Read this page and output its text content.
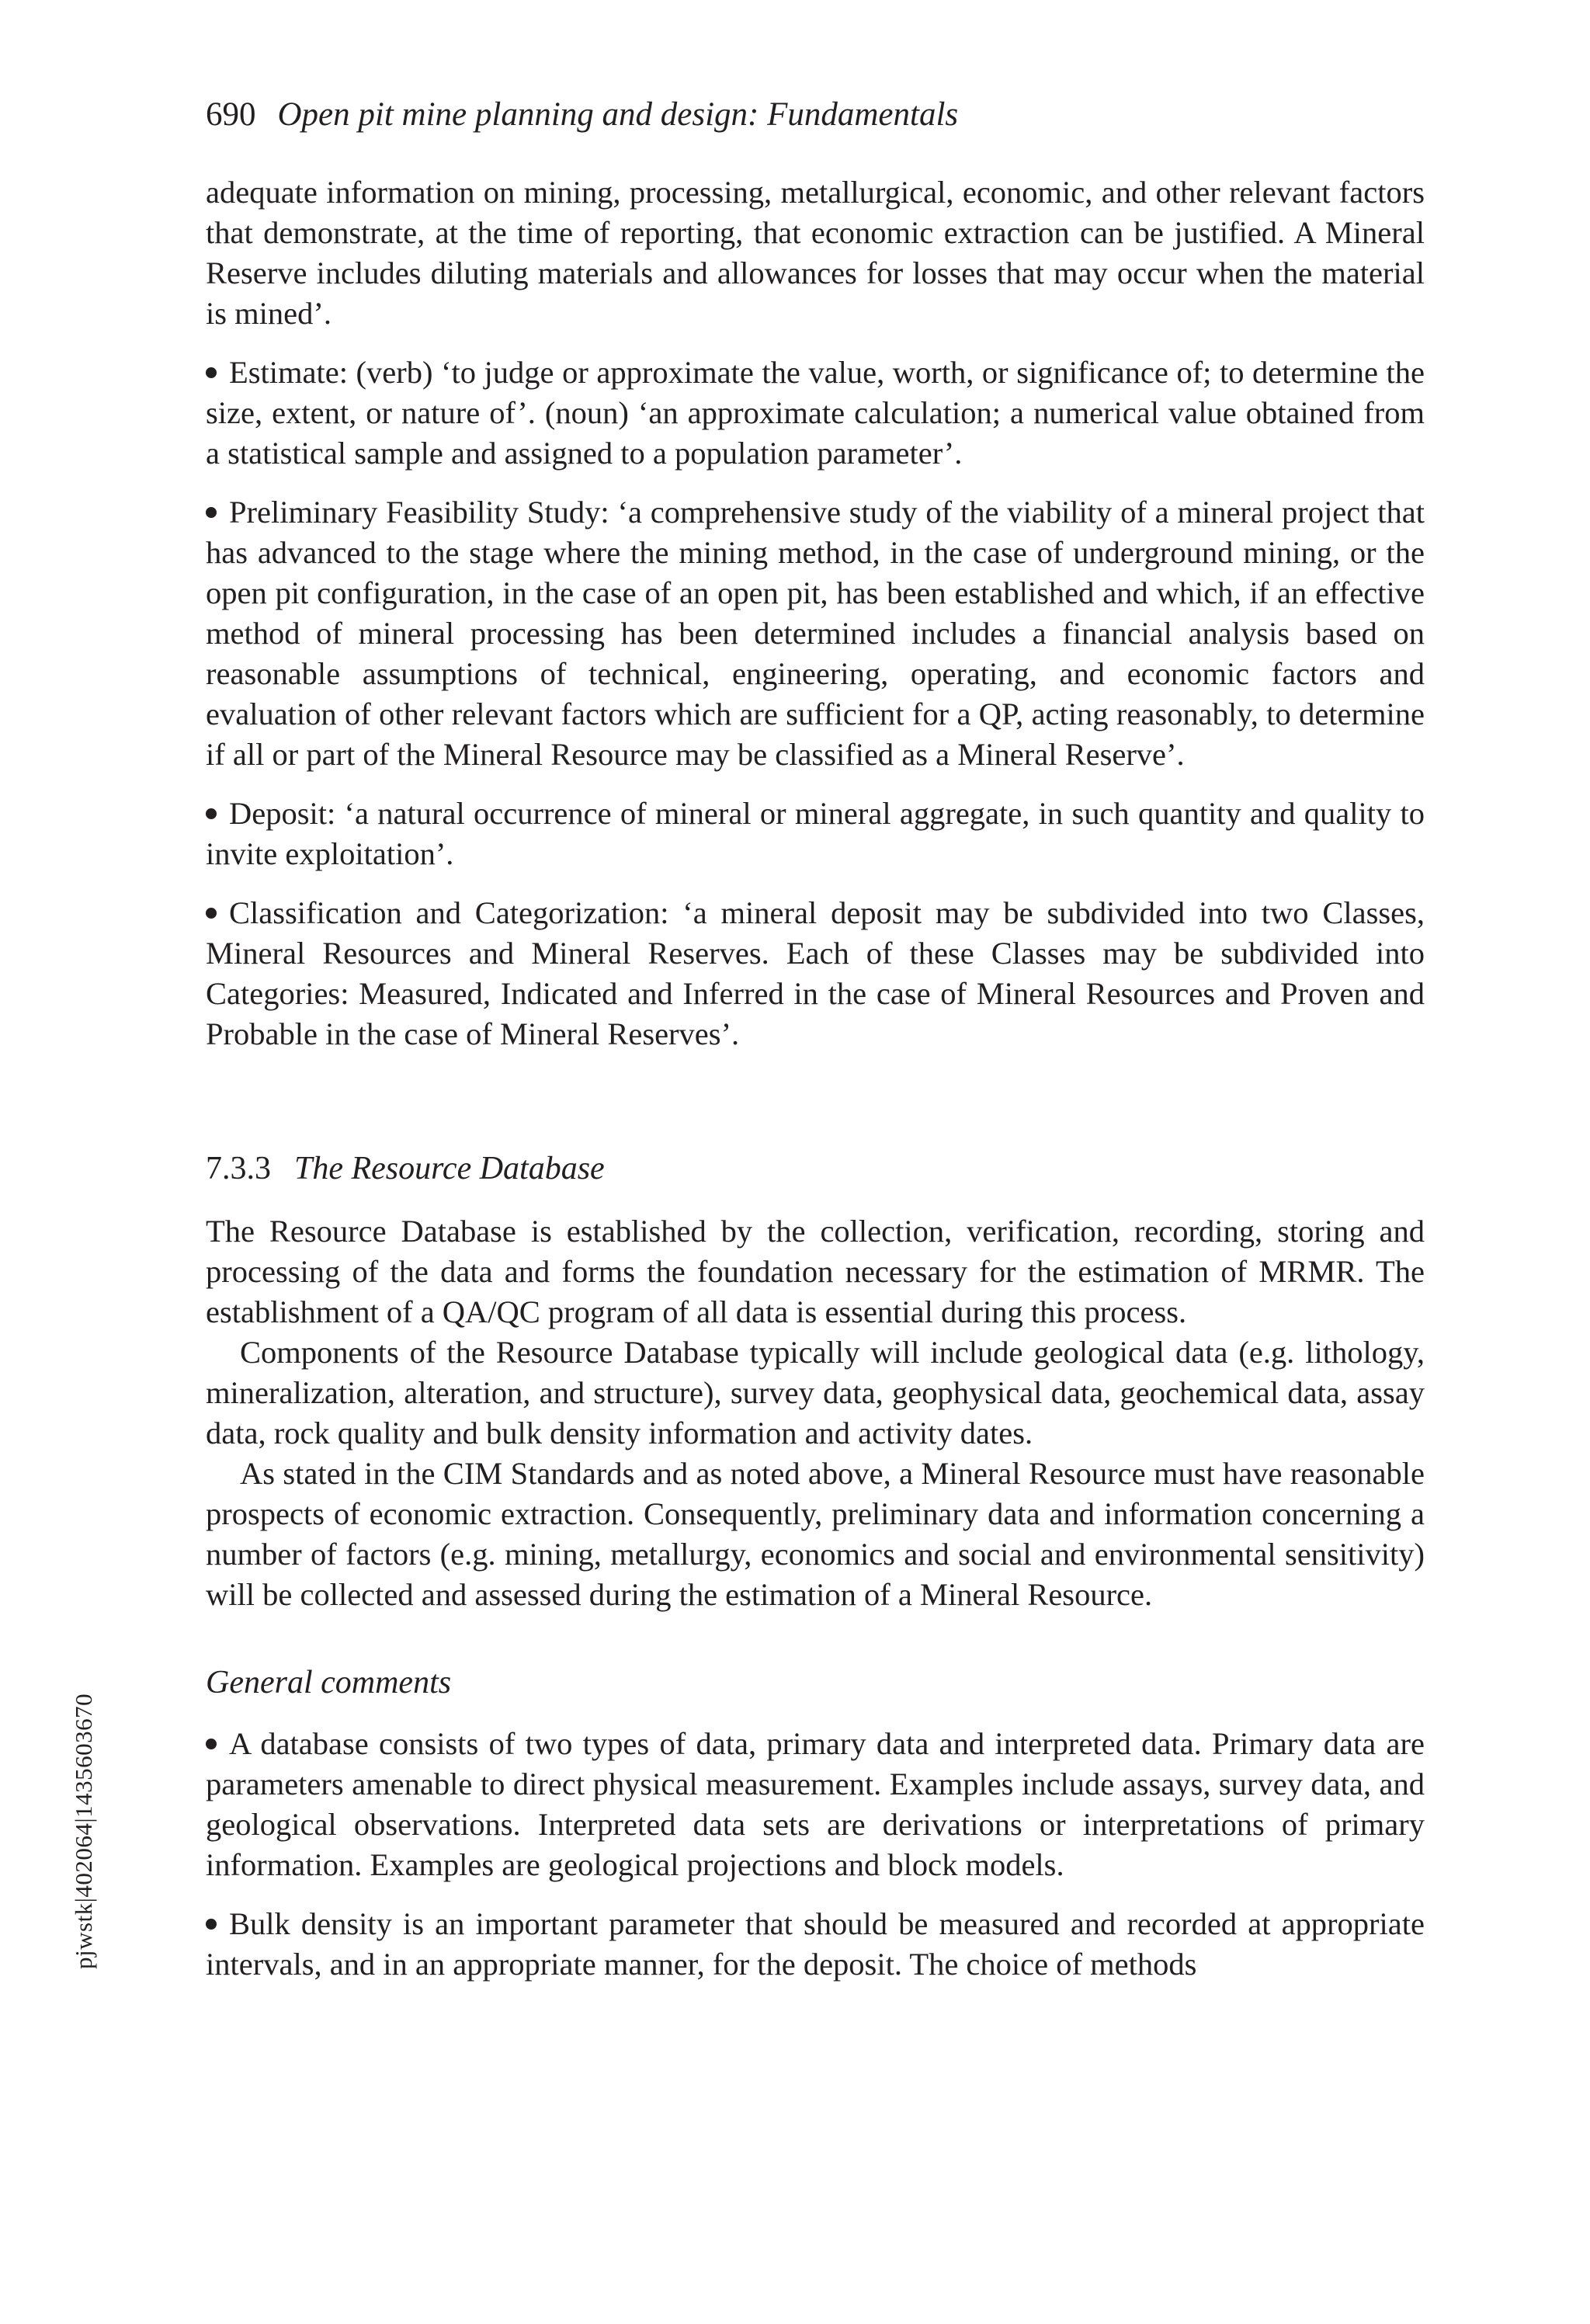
690 Open pit mine planning and design: Fundamentals

adequate information on mining, processing, metallurgical, economic, and other relevant factors that demonstrate, at the time of reporting, that economic extraction can be justified. A Mineral Reserve includes diluting materials and allowances for losses that may occur when the material is mined’.

Estimate: (verb) ‘to judge or approximate the value, worth, or significance of; to determine the size, extent, or nature of’. (noun) ‘an approximate calculation; a numerical value obtained from a statistical sample and assigned to a population parameter’.

Preliminary Feasibility Study: ‘a comprehensive study of the viability of a mineral project that has advanced to the stage where the mining method, in the case of underground mining, or the open pit configuration, in the case of an open pit, has been established and which, if an effective method of mineral processing has been determined includes a financial analysis based on reasonable assumptions of technical, engineering, operating, and economic factors and evaluation of other relevant factors which are sufficient for a QP, acting reasonably, to determine if all or part of the Mineral Resource may be classified as a Mineral Reserve’.

Deposit: ‘a natural occurrence of mineral or mineral aggregate, in such quantity and quality to invite exploitation’.

Classification and Categorization: ‘a mineral deposit may be subdivided into two Classes, Mineral Resources and Mineral Reserves. Each of these Classes may be subdivided into Categories: Measured, Indicated and Inferred in the case of Mineral Resources and Proven and Probable in the case of Mineral Reserves’.

7.3.3 The Resource Database

The Resource Database is established by the collection, verification, recording, storing and processing of the data and forms the foundation necessary for the estimation of MRMR. The establishment of a QA/QC program of all data is essential during this process.

Components of the Resource Database typically will include geological data (e.g. lithology, mineralization, alteration, and structure), survey data, geophysical data, geochemical data, assay data, rock quality and bulk density information and activity dates.

As stated in the CIM Standards and as noted above, a Mineral Resource must have reasonable prospects of economic extraction. Consequently, preliminary data and information concerning a number of factors (e.g. mining, metallurgy, economics and social and environmental sensitivity) will be collected and assessed during the estimation of a Mineral Resource.

General comments

A database consists of two types of data, primary data and interpreted data. Primary data are parameters amenable to direct physical measurement. Examples include assays, survey data, and geological observations. Interpreted data sets are derivations or interpretations of primary information. Examples are geological projections and block models.

Bulk density is an important parameter that should be measured and recorded at appropriate intervals, and in an appropriate manner, for the deposit. The choice of methods

pjwstk|402064|1435603670
